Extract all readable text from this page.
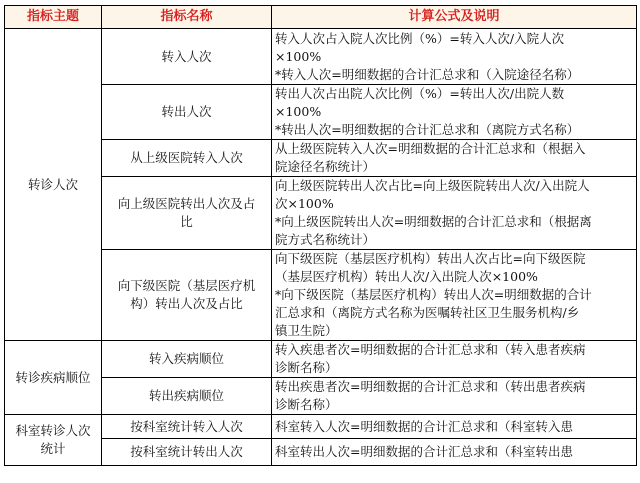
指标主题	指标名称	计算公式及说明
转诊人次	转入人次	转入人次占入院人次比例（%）=转入人次/入院人次
×100%
*转入人次=明细数据的合计汇总求和（入院途径名称）

	转出人次	转出人次占出院人次比例（%）=转出人次/出院人数
×100%
*转出人次=明细数据的合计汇总求和（离院方式名称）

	从上级医院转入人次	从上级医院转入人次=明细数据的合计汇总求和（根据入
院途径名称统计）

	向上级医院转出人次及占
比	向上级医院转出人次占比=向上级医院转出人次/入出院人
次×100%
*向上级医院转出人次=明细数据的合计汇总求和（根据离
院方式名称统计）

	向下级医院（基层医疗机
构）转出人次及占比	向下级医院（基层医疗机构）转出人次占比=向下级医院
（基层医疗机构）转出人次/入出院人次×100%
*向下级医院（基层医疗机构）转出人次=明细数据的合计
汇总求和（离院方式名称为医嘱转社区卫生服务机构/乡
镇卫生院）

转诊疾病顺位	转入疾病顺位	转入疾患者次=明细数据的合计汇总求和（转入患者疾病
诊断名称）

	转出疾病顺位	转出疾患者次=明细数据的合计汇总求和（转出患者疾病
诊断名称）

科室转诊人次
统计	按科室统计转入人次	科室转入人次=明细数据的合计汇总求和（科室转入患

	按科室统计转出人次	科室转出人次=明细数据的合计汇总求和（科室转出患
